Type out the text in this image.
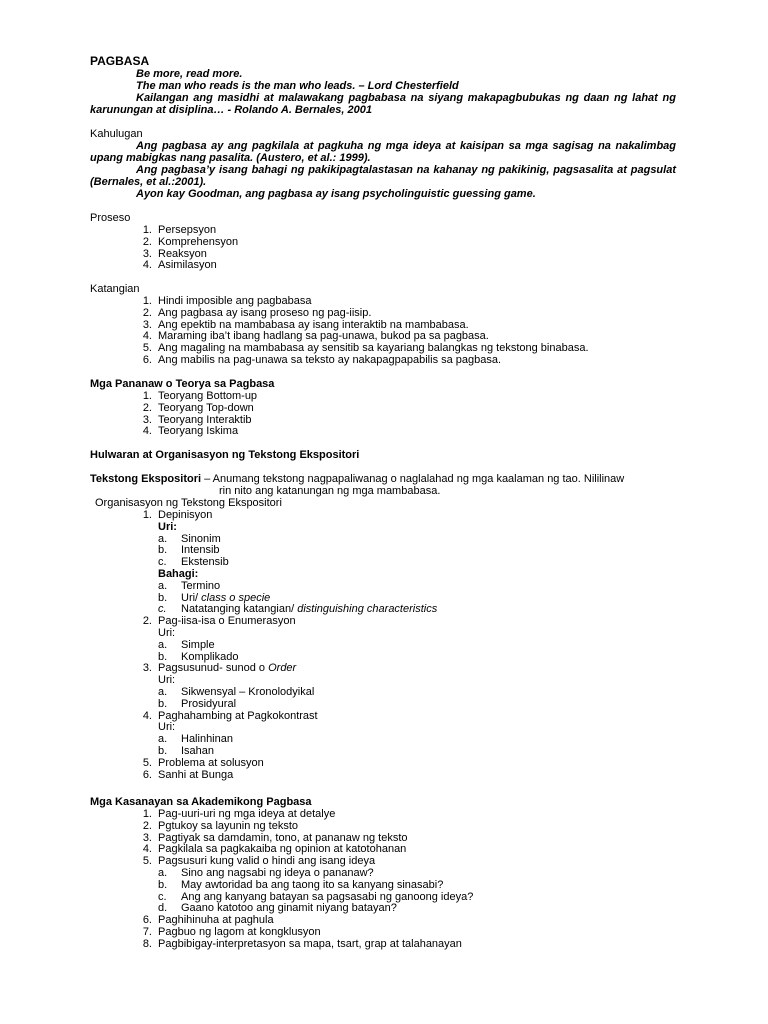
PAGBASA
Be more, read more.
The man who reads is the man who leads. – Lord Chesterfield
Kailangan ang masidhi at malawakang pagbabasa na siyang makapagbubukas ng daan ng lahat ng karunungan at disiplina… - Rolando A. Bernales, 2001
Kahulugan
Ang pagbasa ay ang pagkilala at pagkuha ng mga ideya at kaisipan sa mga sagisag na nakalimbag upang mabigkas nang pasalita. (Austero, et al.: 1999).
Ang pagbasa’y isang bahagi ng pakikipagtalastasan na kahanay ng pakikinig, pagsasalita at pagsulat (Bernales, et al.:2001).
Ayon kay Goodman, ang pagbasa ay isang psycholinguistic guessing game.
Proseso
1. Persepsyon
2. Komprehensyon
3. Reaksyon
4. Asimilasyon
Katangian
1. Hindi imposible ang pagbabasa
2. Ang pagbasa ay isang proseso ng pag-iisip.
3. Ang epektib na mambabasa ay isang interaktib na mambabasa.
4. Maraming iba’t ibang hadlang sa pag-unawa, bukod pa sa pagbasa.
5. Ang magaling na mambabasa ay sensitib sa kayariang balangkas ng tekstong binabasa.
6. Ang mabilis na pag-unawa sa teksto ay nakapagpapabilis sa pagbasa.
Mga Pananaw o Teorya sa Pagbasa
1. Teoryang Bottom-up
2. Teoryang Top-down
3. Teoryang Interaktib
4. Teoryang Iskima
Hulwaran at Organisasyon ng Tekstong Ekspositori
Tekstong Ekspositori – Anumang tekstong nagpapaliwanag o naglalahad ng mga kaalaman ng tao. Nililinaw
rin nito ang katanungan ng mga mambabasa.
Organisasyon ng Tekstong Ekspositori
1. Depinisyon
Uri:
a. Sinonim
b. Intensib
c. Ekstensib
Bahagi:
a. Termino
b. Uri/ class o specie
c. Natatanging katangian/ distinguishing characteristics
2. Pag-iisa-isa o Enumerasyon
Uri:
a. Simple
b. Komplikado
3. Pagsusunud- sunod o Order
Uri:
a. Sikwensyal – Kronolodyikal
b. Prosidyural
4. Paghahambing at Pagkokontrast
Uri:
a. Halinhinan
b. Isahan
5. Problema at solusyon
6. Sanhi at Bunga
Mga Kasanayan sa Akademikong Pagbasa
1. Pag-uuri-uri ng mga ideya at detalye
2. Pgtukoy sa layunin ng teksto
3. Pagtiyak sa damdamin, tono, at pananaw ng teksto
4. Pagkilala sa pagkakaiba ng opinion at katotohanan
5. Pagsusuri kung valid o hindi ang isang ideya
a. Sino ang nagsabi ng ideya o pananaw?
b. May awtoridad ba ang taong ito sa kanyang sinasabi?
c. Ang ang kanyang batayan sa pagsasabi ng ganoong ideya?
d. Gaano katotoo ang ginamit niyang batayan?
6. Paghihinuha at paghula
7. Pagbuo ng lagom at kongklusyon
8. Pagbibigay-interpretasyon sa mapa, tsart, grap at talahanayan
